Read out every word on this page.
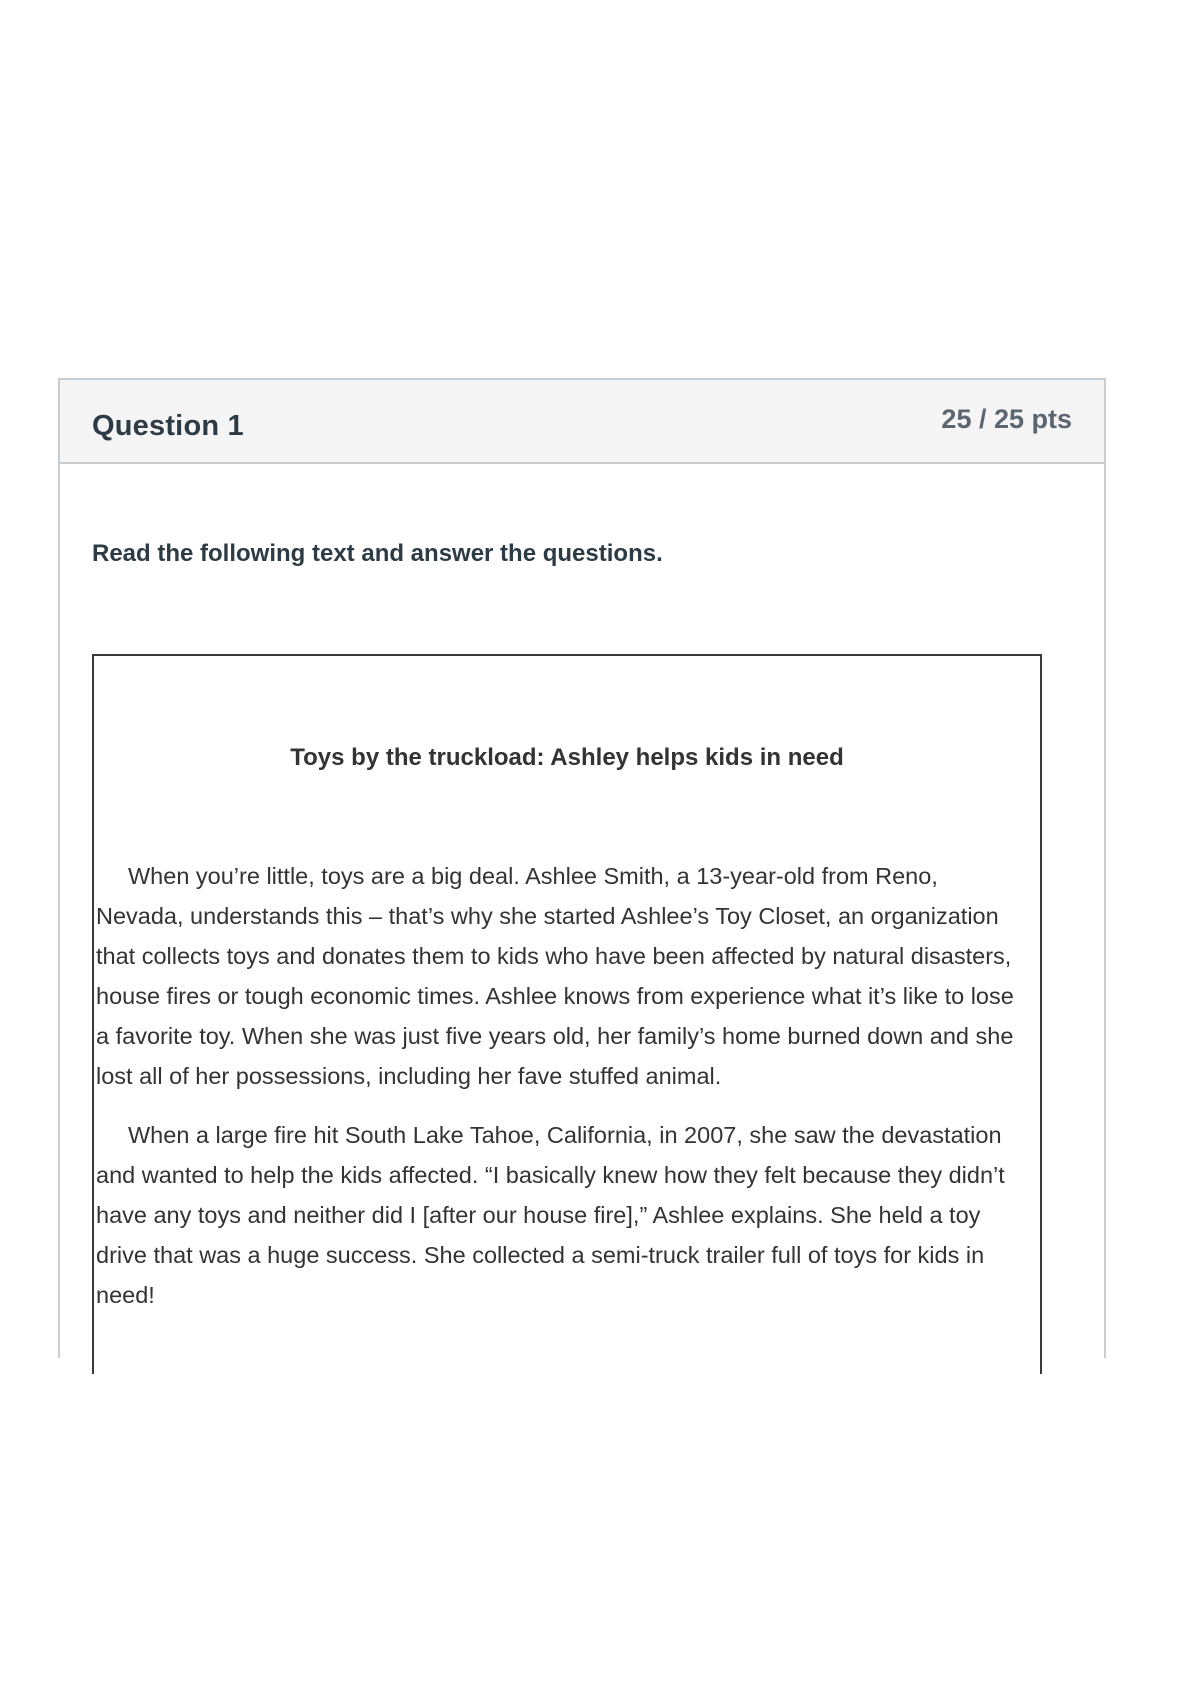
Question 1	25 / 25 pts
Read the following text and answer the questions.
Toys by the truckload: Ashley helps kids in need

When you’re little, toys are a big deal. Ashlee Smith, a 13-year-old from Reno, Nevada, understands this – that’s why she started Ashlee’s Toy Closet, an organization that collects toys and donates them to kids who have been affected by natural disasters, house fires or tough economic times. Ashlee knows from experience what it’s like to lose a favorite toy. When she was just five years old, her family’s home burned down and she lost all of her possessions, including her fave stuffed animal.

When a large fire hit South Lake Tahoe, California, in 2007, she saw the devastation and wanted to help the kids affected. “I basically knew how they felt because they didn’t have any toys and neither did I [after our house fire],” Ashlee explains. She held a toy drive that was a huge success. She collected a semi-truck trailer full of toys for kids in need!
